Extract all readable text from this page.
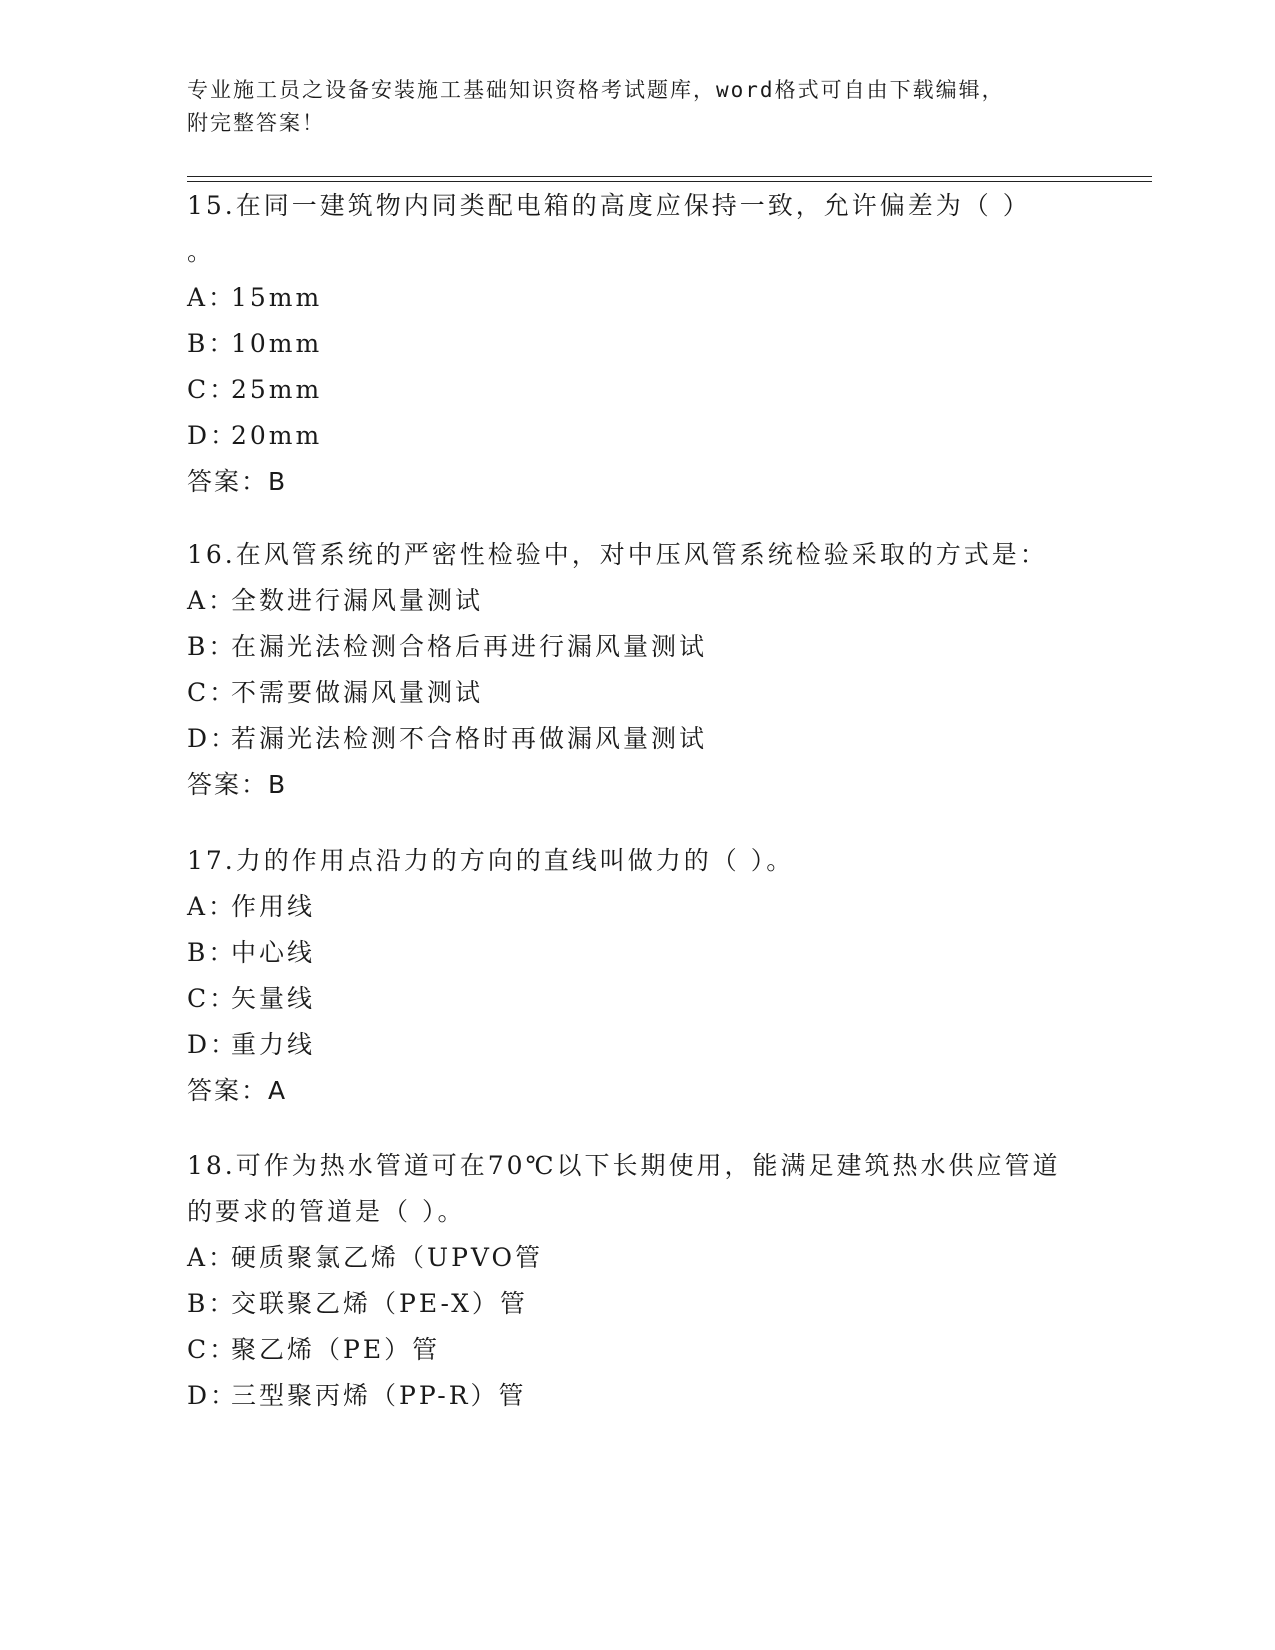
专业施工员之设备安装施工基础知识资格考试题库，word格式可自由下载编辑，
附完整答案！
15.在同一建筑物内同类配电箱的高度应保持一致，允许偏差为（ ）
。
A：15mm
B：10mm
C：25mm
D：20mm
答案：B
16.在风管系统的严密性检验中，对中压风管系统检验采取的方式是：
A：全数进行漏风量测试
B：在漏光法检测合格后再进行漏风量测试
C：不需要做漏风量测试
D：若漏光法检测不合格时再做漏风量测试
答案：B
17.力的作用点沿力的方向的直线叫做力的（ ）。
A：作用线
B：中心线
C：矢量线
D：重力线
答案：A
18.可作为热水管道可在70℃以下长期使用，能满足建筑热水供应管道
的要求的管道是（ ）。
A：硬质聚氯乙烯（UPVO管
B：交联聚乙烯（PE-X）管
C：聚乙烯（PE）管
D：三型聚丙烯（PP-R）管
